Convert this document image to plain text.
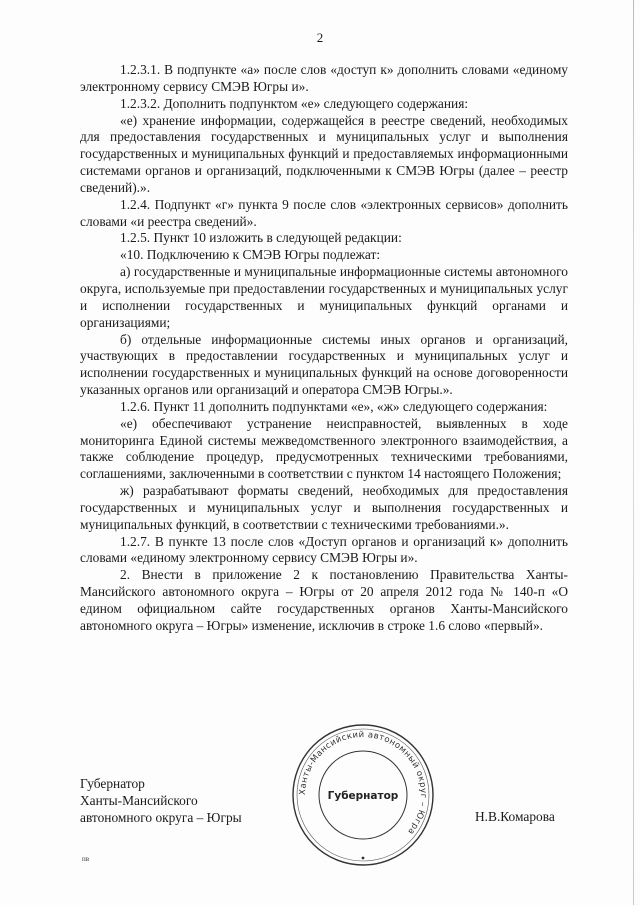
2

1.2.3.1. В подпункте «а» после слов «доступ к» дополнить словами «единому электронному сервису СМЭВ Югры и».

1.2.3.2. Дополнить подпунктом «е» следующего содержания:

«е) хранение информации, содержащейся в реестре сведений, необходимых для предоставления государственных и муниципальных услуг и выполнения государственных и муниципальных функций и предоставляемых информационными системами органов и организаций, подключенными к СМЭВ Югры (далее – реестр сведений).».

1.2.4. Подпункт «г» пункта 9 после слов «электронных сервисов» дополнить словами «и реестра сведений».

1.2.5. Пункт 10 изложить в следующей редакции:

«10. Подключению к СМЭВ Югры подлежат:

а) государственные и муниципальные информационные системы автономного округа, используемые при предоставлении государственных и муниципальных услуг и исполнении государственных и муниципальных функций органами и организациями;

б) отдельные информационные системы иных органов и организаций, участвующих в предоставлении государственных и муниципальных услуг и исполнении государственных и муниципальных функций на основе договоренности указанных органов или организаций и оператора СМЭВ Югры.».

1.2.6. Пункт 11 дополнить подпунктами «е», «ж» следующего содержания:

«е) обеспечивают устранение неисправностей, выявленных в ходе мониторинга Единой системы межведомственного электронного взаимодействия, а также соблюдение процедур, предусмотренных техническими требованиями, соглашениями, заключенными в соответствии с пунктом 14 настоящего Положения;

ж) разрабатывают форматы сведений, необходимых для предоставления государственных и муниципальных услуг и выполнения государственных и муниципальных функций, в соответствии с техническими требованиями.».

1.2.7. В пункте 13 после слов «Доступ органов и организаций к» дополнить словами «единому электронному сервису СМЭВ Югры и».

2. Внести в приложение 2 к постановлению Правительства Ханты-Мансийского автономного округа – Югры от 20 апреля 2012 года № 140-п «О едином официальном сайте государственных органов Ханты-Мансийского автономного округа – Югры» изменение, исключив в строке 1.6 слово «первый».

Губернатор
Ханты-Мансийского
автономного округа – Югры
Ханты-Мансийский автономный округ – Югра
Губернатор
Н.В.Комарова
пв
